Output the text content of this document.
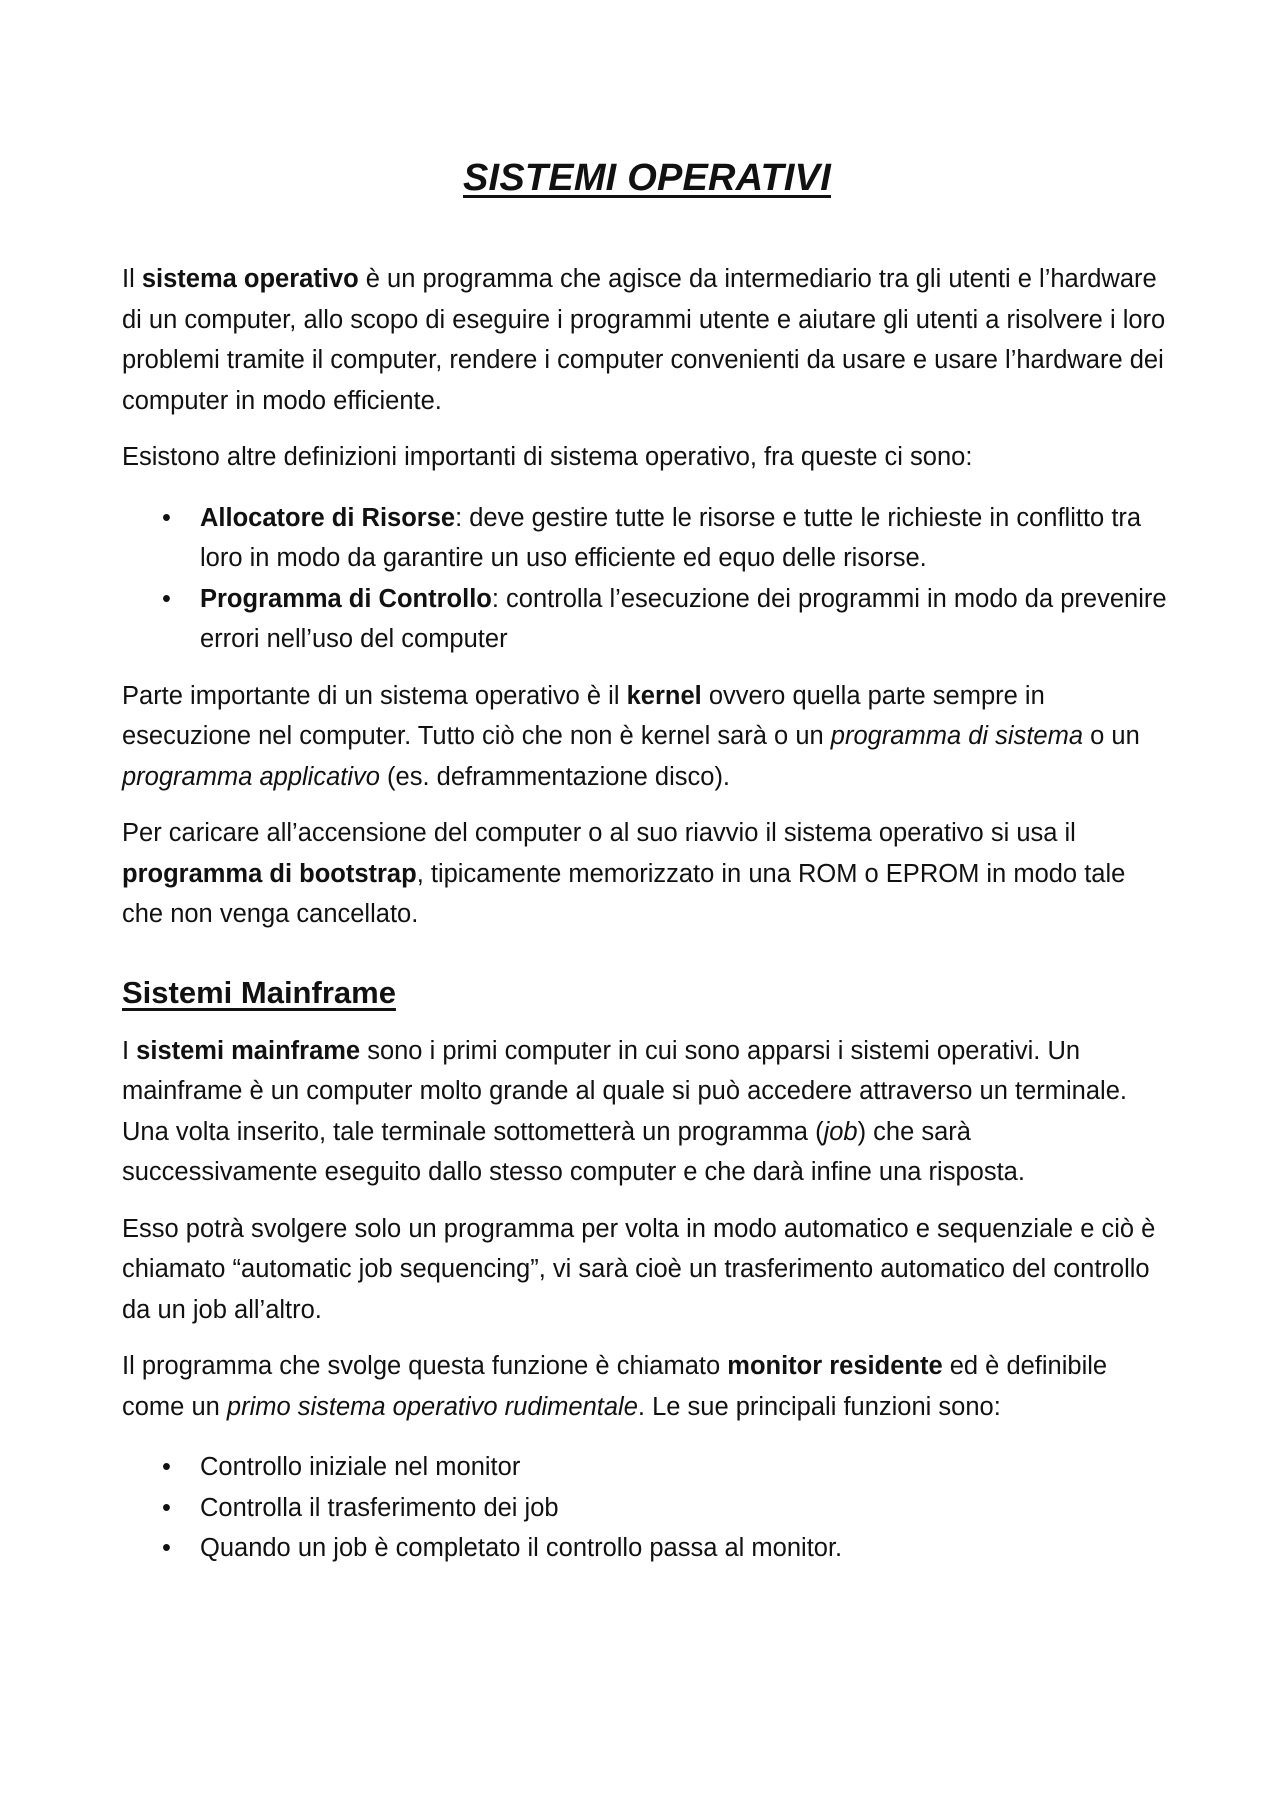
SISTEMI OPERATIVI

Il sistema operativo è un programma che agisce da intermediario tra gli utenti e l’hardware di un computer, allo scopo di eseguire i programmi utente e aiutare gli utenti a risolvere i loro problemi tramite il computer, rendere i computer convenienti da usare e usare l’hardware dei computer in modo efficiente.

Esistono altre definizioni importanti di sistema operativo, fra queste ci sono:

• Allocatore di Risorse: deve gestire tutte le risorse e tutte le richieste in conflitto tra loro in modo da garantire un uso efficiente ed equo delle risorse.
• Programma di Controllo: controlla l’esecuzione dei programmi in modo da prevenire errori nell’uso del computer

Parte importante di un sistema operativo è il kernel ovvero quella parte sempre in esecuzione nel computer. Tutto ciò che non è kernel sarà o un programma di sistema o un programma applicativo (es. deframmentazione disco).

Per caricare all’accensione del computer o al suo riavvio il sistema operativo si usa il programma di bootstrap, tipicamente memorizzato in una ROM o EPROM in modo tale che non venga cancellato.

Sistemi Mainframe

I sistemi mainframe sono i primi computer in cui sono apparsi i sistemi operativi. Un mainframe è un computer molto grande al quale si può accedere attraverso un terminale. Una volta inserito, tale terminale sottometterà un programma (job) che sarà successivamente eseguito dallo stesso computer e che darà infine una risposta.

Esso potrà svolgere solo un programma per volta in modo automatico e sequenziale e ciò è chiamato “automatic job sequencing”, vi sarà cioè un trasferimento automatico del controllo da un job all’altro.

Il programma che svolge questa funzione è chiamato monitor residente ed è definibile come un primo sistema operativo rudimentale. Le sue principali funzioni sono:

• Controllo iniziale nel monitor
• Controlla il trasferimento dei job
• Quando un job è completato il controllo passa al monitor.
